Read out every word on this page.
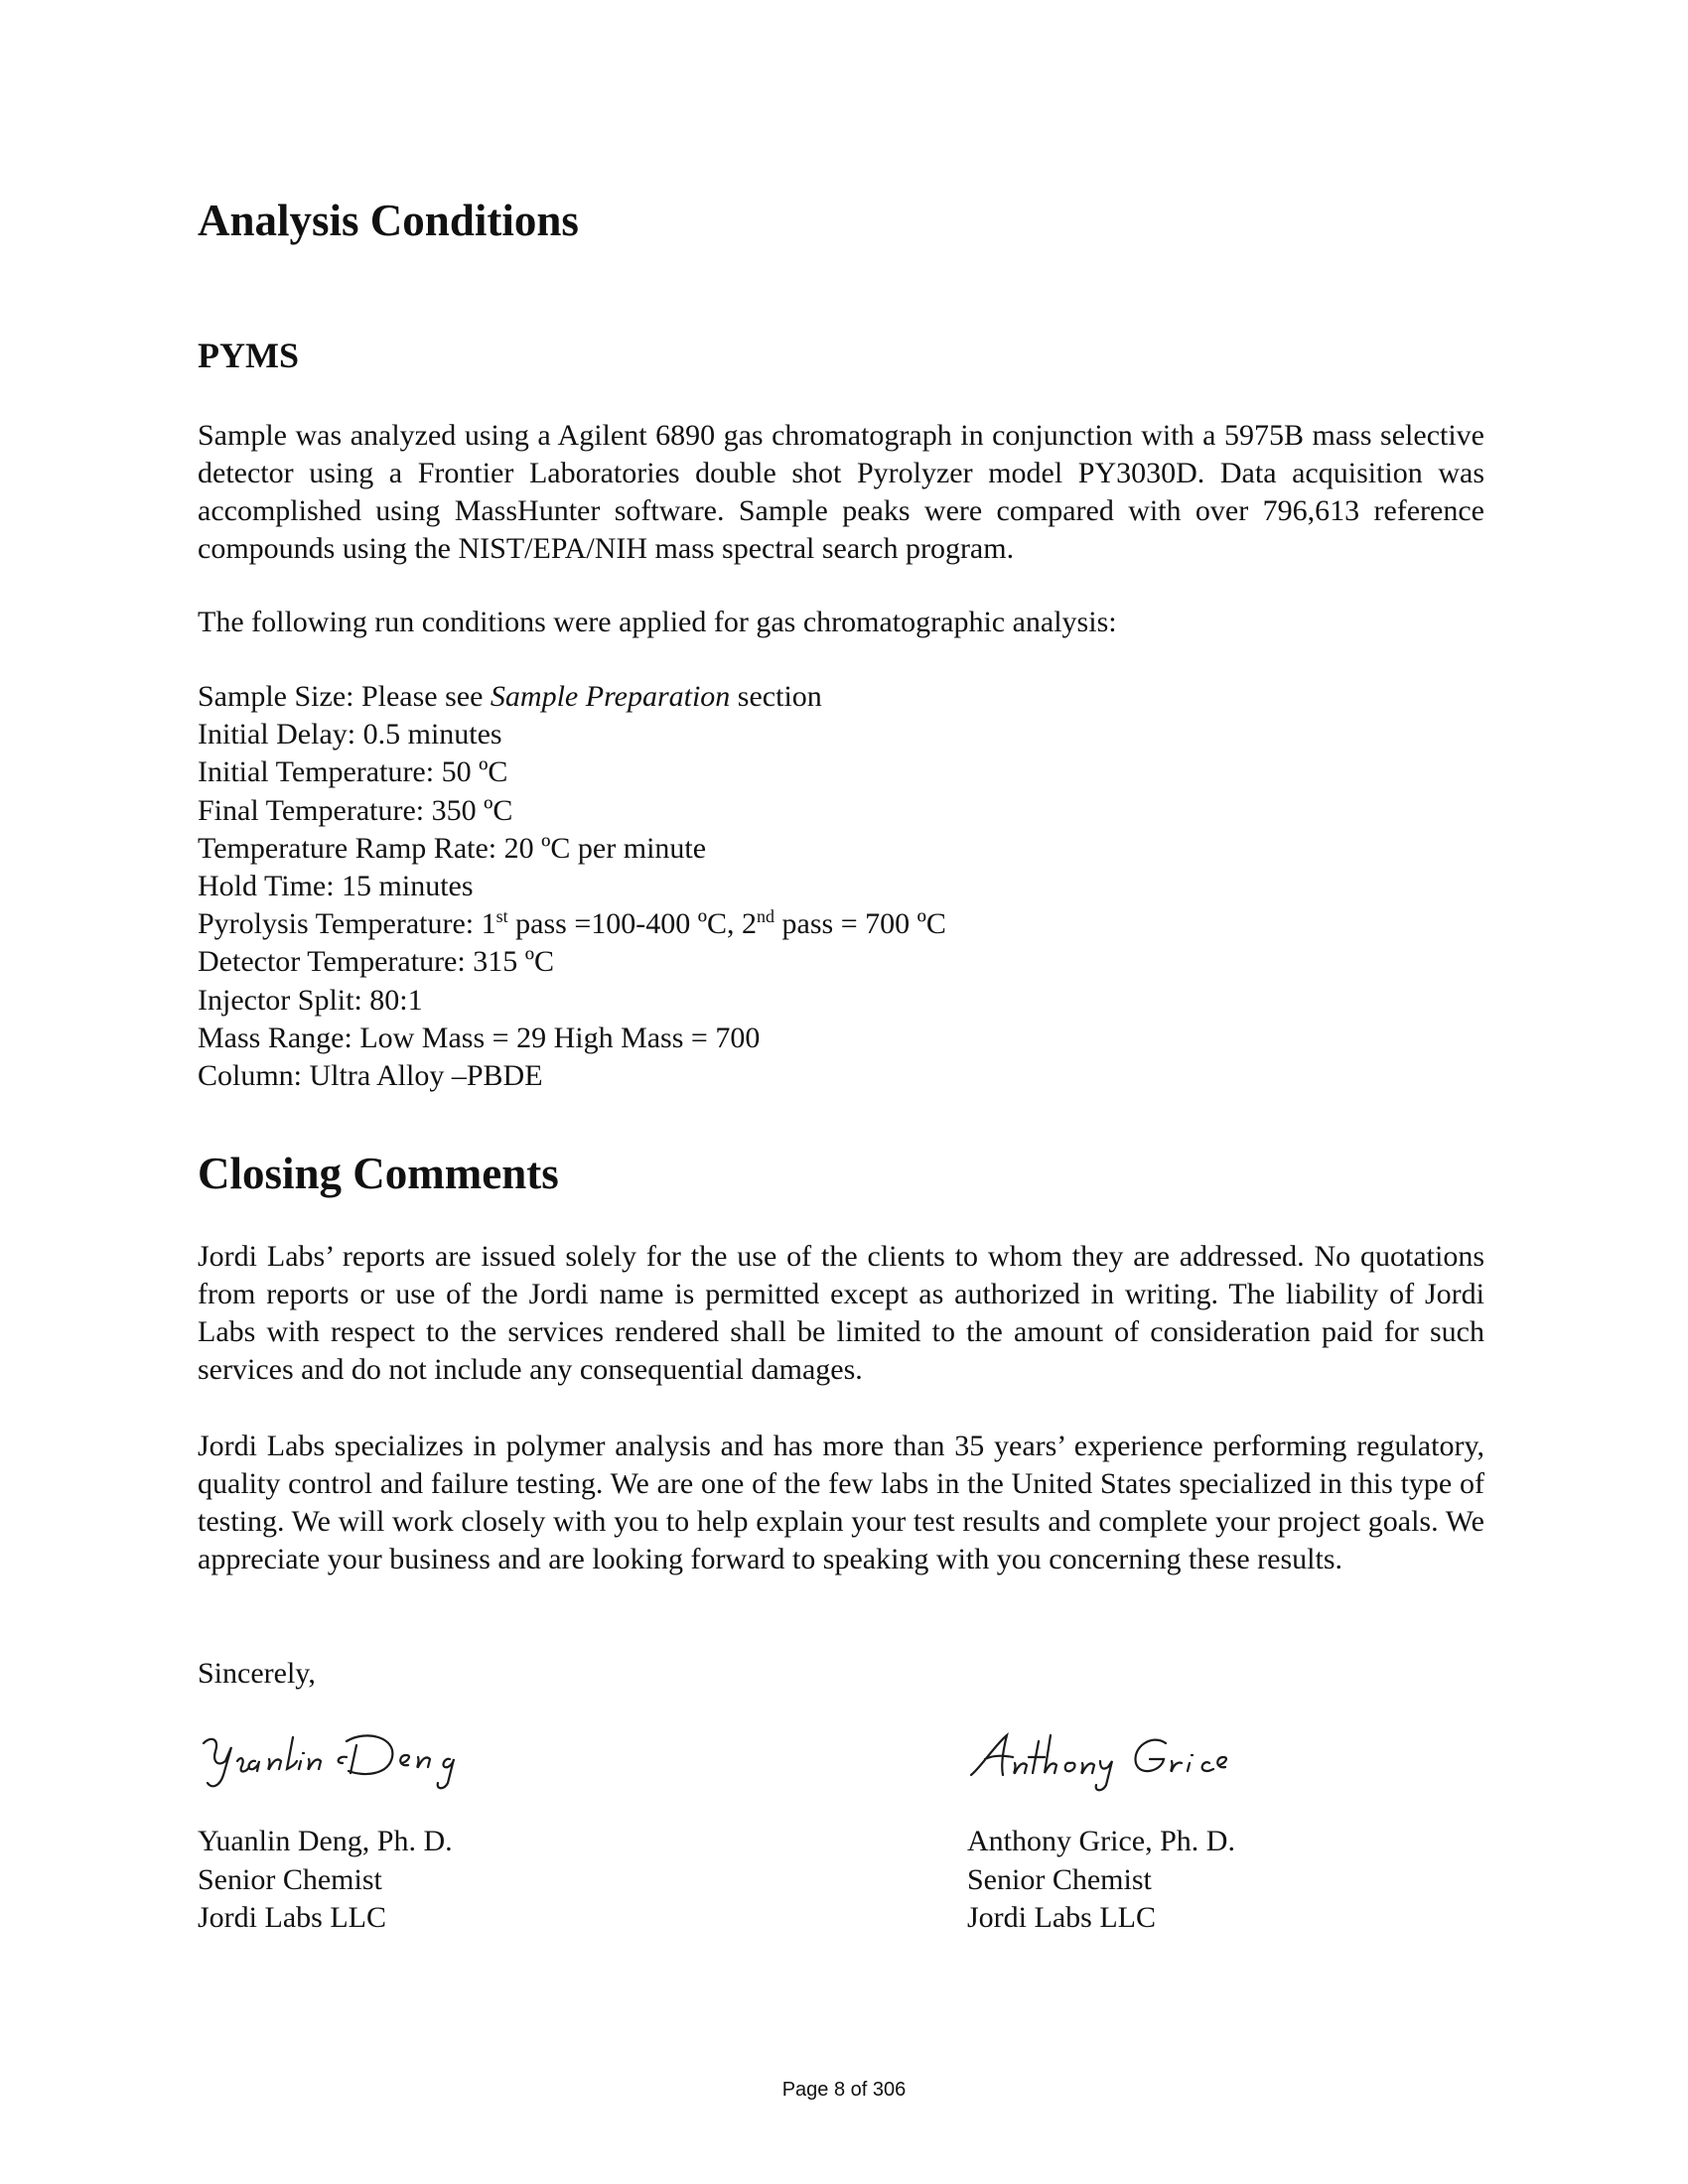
Analysis Conditions
PYMS

Sample was analyzed using a Agilent 6890 gas chromatograph in conjunction with a 5975B mass selective detector using a Frontier Laboratories double shot Pyrolyzer model PY3030D. Data acquisition was accomplished using MassHunter software. Sample peaks were compared with over 796,613 reference compounds using the NIST/EPA/NIH mass spectral search program.

The following run conditions were applied for gas chromatographic analysis:

Sample Size: Please see Sample Preparation section
Initial Delay: 0.5 minutes
Initial Temperature: 50 ºC
Final Temperature: 350 ºC
Temperature Ramp Rate: 20 ºC per minute
Hold Time: 15 minutes
Pyrolysis Temperature: 1st pass =100-400 ºC, 2nd pass = 700 ºC
Detector Temperature: 315 ºC
Injector Split: 80:1
Mass Range: Low Mass = 29 High Mass = 700
Column: Ultra Alloy –PBDE
Closing Comments

Jordi Labs’ reports are issued solely for the use of the clients to whom they are addressed. No quotations from reports or use of the Jordi name is permitted except as authorized in writing. The liability of Jordi Labs with respect to the services rendered shall be limited to the amount of consideration paid for such services and do not include any consequential damages.

Jordi Labs specializes in polymer analysis and has more than 35 years’ experience performing regulatory, quality control and failure testing. We are one of the few labs in the United States specialized in this type of testing. We will work closely with you to help explain your test results and complete your project goals. We appreciate your business and are looking forward to speaking with you concerning these results.

Sincerely,

Yuanlin Deng, Ph. D.
Senior Chemist
Jordi Labs LLC
Anthony Grice, Ph. D.
Senior Chemist
Jordi Labs LLC
Page 8 of 306
